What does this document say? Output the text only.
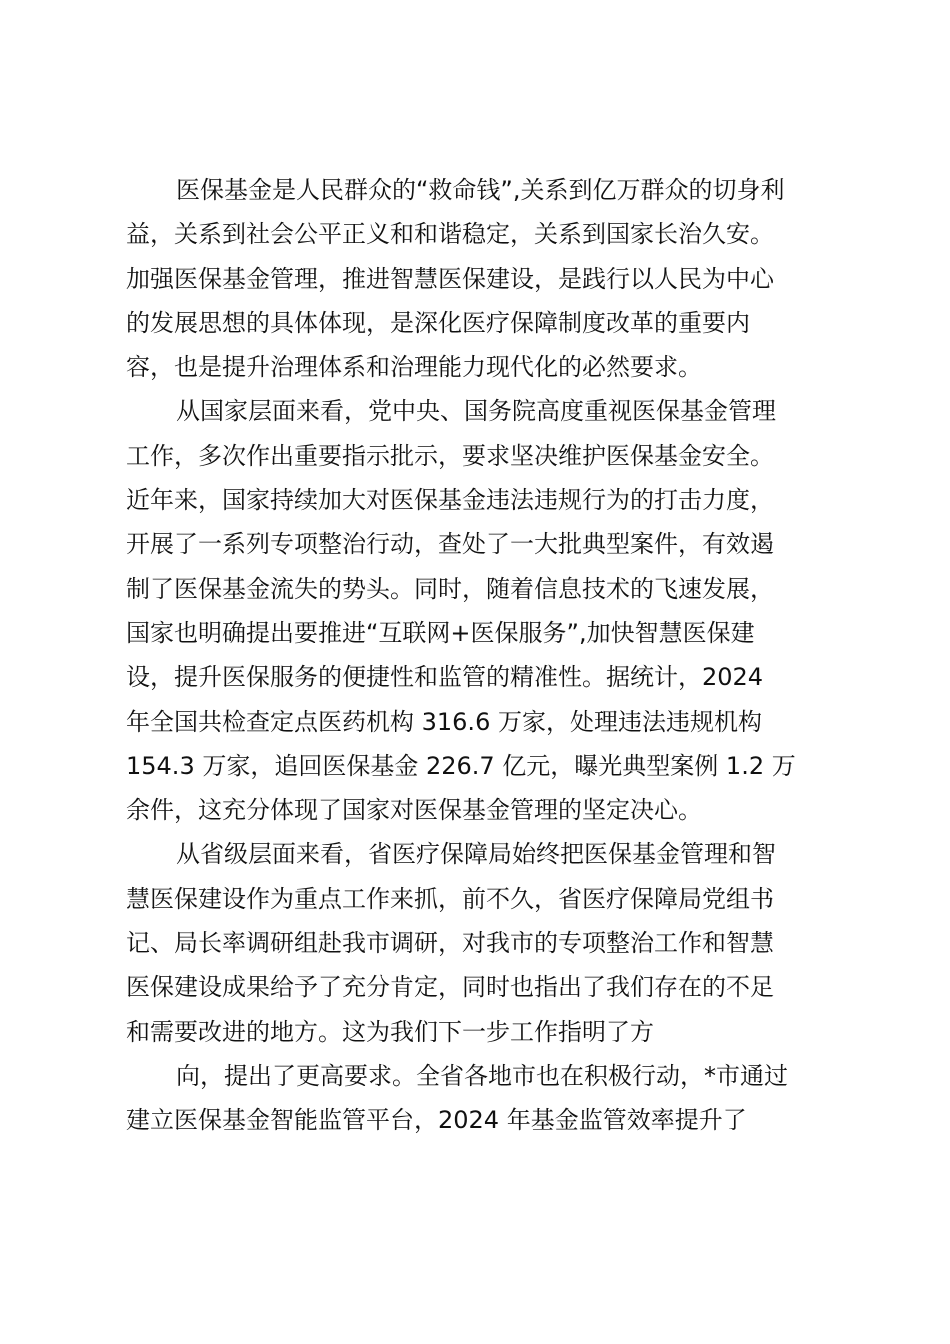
医保基金是人民群众的“救命钱”,关系到亿万群众的切身利
益，关系到社会公平正义和和谐稳定，关系到国家长治久安。
加强医保基金管理，推进智慧医保建设，是践行以人民为中心
的发展思想的具体体现，是深化医疗保障制度改革的重要内
容，也是提升治理体系和治理能力现代化的必然要求。
从国家层面来看，党中央、国务院高度重视医保基金管理
工作，多次作出重要指示批示，要求坚决维护医保基金安全。
近年来，国家持续加大对医保基金违法违规行为的打击力度，
开展了一系列专项整治行动，查处了一大批典型案件，有效遏
制了医保基金流失的势头。同时，随着信息技术的飞速发展，
国家也明确提出要推进“互联网+医保服务”,加快智慧医保建
设，提升医保服务的便捷性和监管的精准性。据统计，2024
年全国共检查定点医药机构 316.6 万家，处理违法违规机构
154.3 万家，追回医保基金 226.7 亿元，曝光典型案例 1.2 万
余件，这充分体现了国家对医保基金管理的坚定决心。
从省级层面来看，省医疗保障局始终把医保基金管理和智
慧医保建设作为重点工作来抓，前不久，省医疗保障局党组书
记、局长率调研组赴我市调研，对我市的专项整治工作和智慧
医保建设成果给予了充分肯定，同时也指出了我们存在的不足
和需要改进的地方。这为我们下一步工作指明了方
向，提出了更高要求。全省各地市也在积极行动，*市通过
建立医保基金智能监管平台，2024 年基金监管效率提升了
